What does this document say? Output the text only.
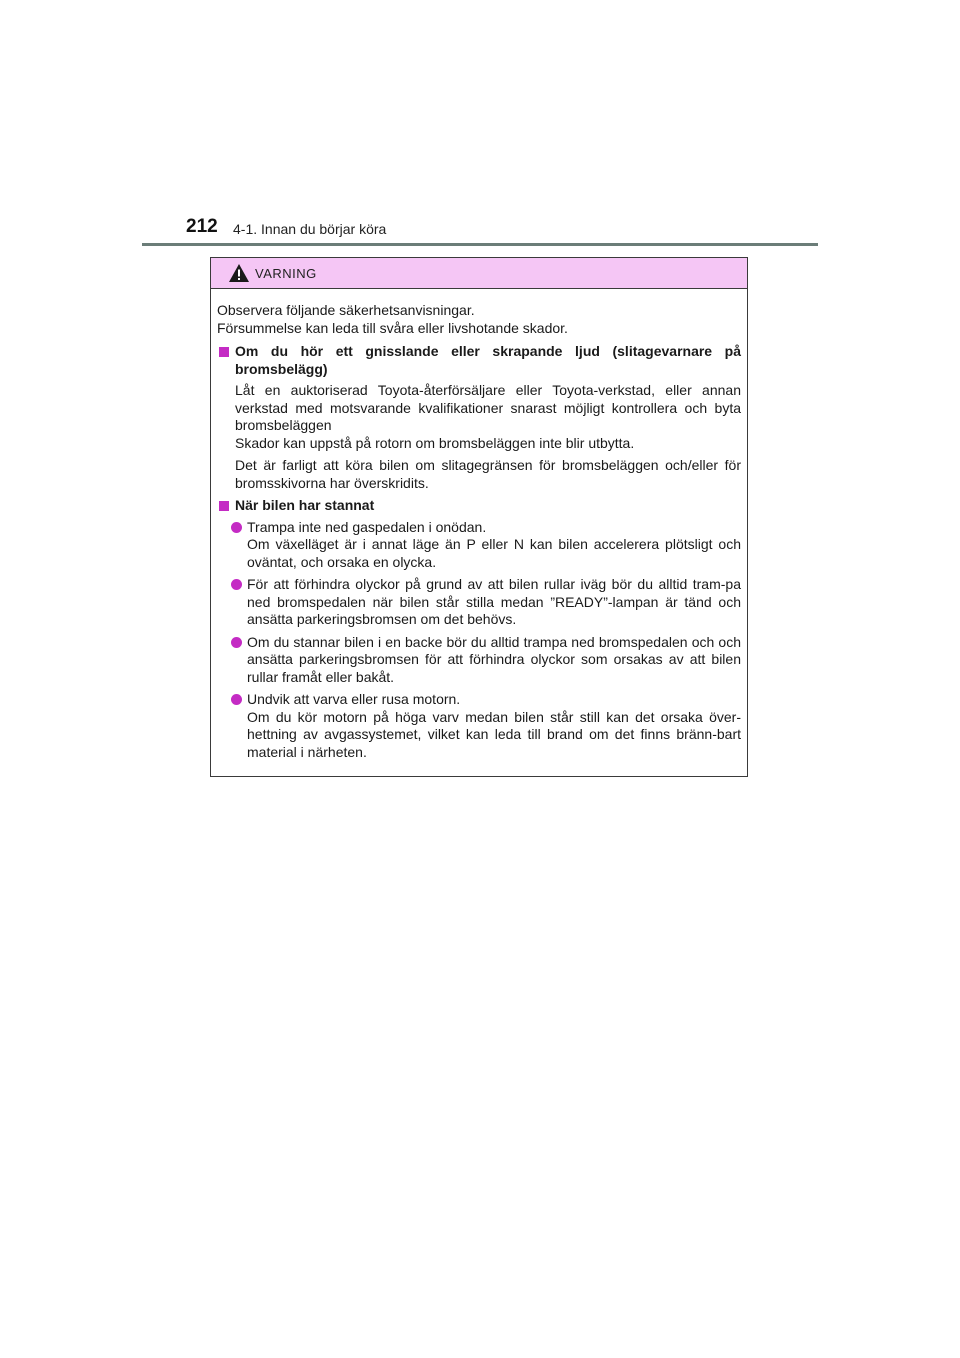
212 4-1. Innan du börjar köra
VARNING

Observera följande säkerhetsanvisningar.

Försummelse kan leda till svåra eller livshotande skador.

Om du hör ett gnisslande eller skrapande ljud (slitagevarnare på bromsbelägg)

Låt en auktoriserad Toyota-återförsäljare eller Toyota-verkstad, eller annan verkstad med motsvarande kvalifikationer snarast möjligt kontrollera och byta bromsbeläggen

Skador kan uppstå på rotorn om bromsbeläggen inte blir utbytta.

Det är farligt att köra bilen om slitagegränsen för bromsbeläggen och/eller för bromsskivorna har överskridits.

När bilen har stannat

Trampa inte ned gaspedalen i onödan.

Om växelläget är i annat läge än P eller N kan bilen accelerera plötsligt och oväntat, och orsaka en olycka.

För att förhindra olyckor på grund av att bilen rullar iväg bör du alltid tram-pa ned bromspedalen när bilen står stilla medan ”READY”-lampan är tänd och ansätta parkeringsbromsen om det behövs.

Om du stannar bilen i en backe bör du alltid trampa ned bromspedalen och och ansätta parkeringsbromsen för att förhindra olyckor som orsakas av att bilen rullar framåt eller bakåt.

Undvik att varva eller rusa motorn.

Om du kör motorn på höga varv medan bilen står still kan det orsaka över-hettning av avgassystemet, vilket kan leda till brand om det finns bränn-bart material i närheten.
